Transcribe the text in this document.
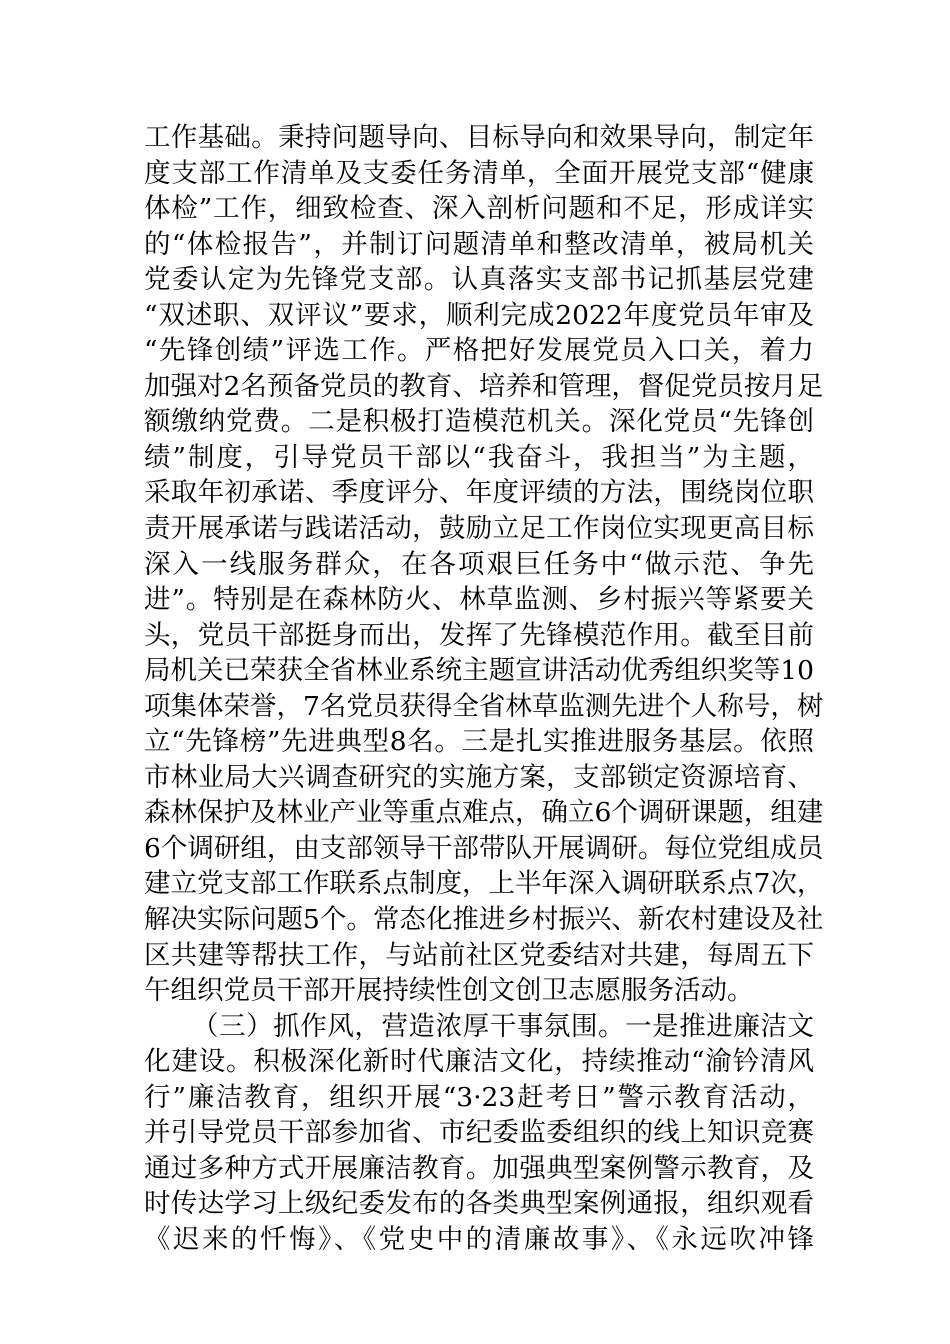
工作基础。秉持问题导向、目标导向和效果导向，制定年
度支部工作清单及支委任务清单，全面开展党支部“健康
体检”工作，细致检查、深入剖析问题和不足，形成详实
的“体检报告”，并制订问题清单和整改清单，被局机关
党委认定为先锋党支部。认真落实支部书记抓基层党建
“双述职、双评议”要求，顺利完成2022年度党员年审及
“先锋创绩”评选工作。严格把好发展党员入口关，着力
加强对2名预备党员的教育、培养和管理，督促党员按月足
额缴纳党费。二是积极打造模范机关。深化党员“先锋创
绩”制度，引导党员干部以“我奋斗，我担当”为主题，
采取年初承诺、季度评分、年度评绩的方法，围绕岗位职
责开展承诺与践诺活动，鼓励立足工作岗位实现更高目标
深入一线服务群众，在各项艰巨任务中“做示范、争先
进”。特别是在森林防火、林草监测、乡村振兴等紧要关
头，党员干部挺身而出，发挥了先锋模范作用。截至目前
局机关已荣获全省林业系统主题宣讲活动优秀组织奖等10
项集体荣誉，7名党员获得全省林草监测先进个人称号，树
立“先锋榜”先进典型8名。三是扎实推进服务基层。依照
市林业局大兴调查研究的实施方案，支部锁定资源培育、
森林保护及林业产业等重点难点，确立6个调研课题，组建
6个调研组，由支部领导干部带队开展调研。每位党组成员
建立党支部工作联系点制度，上半年深入调研联系点7次，
解决实际问题5个。常态化推进乡村振兴、新农村建设及社
区共建等帮扶工作，与站前社区党委结对共建，每周五下
午组织党员干部开展持续性创文创卫志愿服务活动。
（三）抓作风，营造浓厚干事氛围。一是推进廉洁文
化建设。积极深化新时代廉洁文化，持续推动“渝钤清风
行”廉洁教育，组织开展“3·23赶考日”警示教育活动，
并引导党员干部参加省、市纪委监委组织的线上知识竞赛
通过多种方式开展廉洁教育。加强典型案例警示教育，及
时传达学习上级纪委发布的各类典型案例通报，组织观看
《迟来的忏悔》、《党史中的清廉故事》、《永远吹冲锋
